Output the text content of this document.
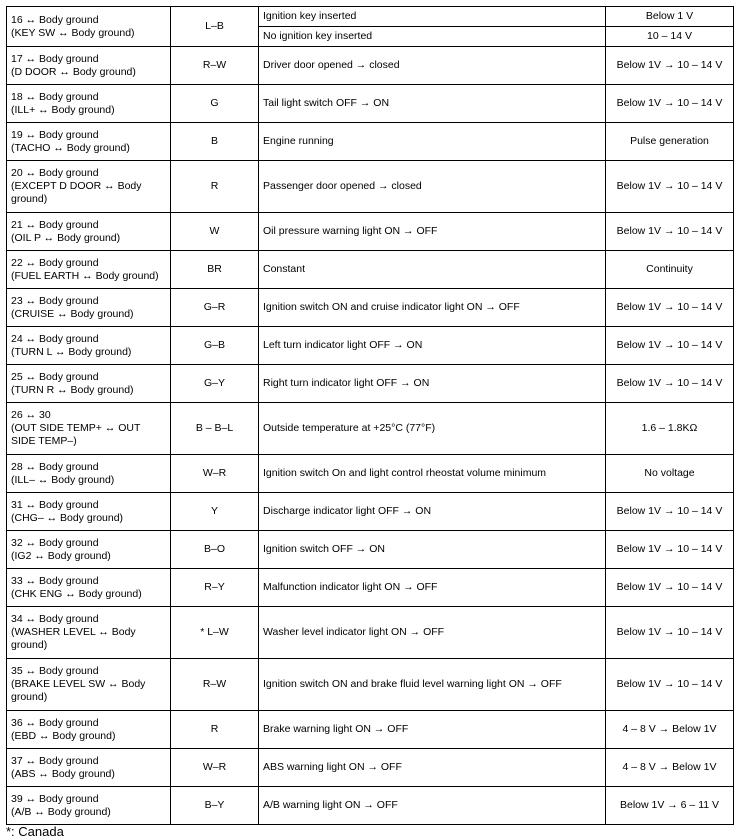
16 ↔ Body ground
(KEY SW ↔ Body ground)	L–B	Ignition key inserted	Below 1 V
		No ignition key inserted	10 – 14 V
17 ↔ Body ground
(D DOOR ↔ Body ground)	R–W	Driver door opened → closed	Below 1V → 10 – 14 V
18 ↔ Body ground
(ILL+ ↔ Body ground)	G	Tail light switch OFF → ON	Below 1V → 10 – 14 V
19 ↔ Body ground
(TACHO ↔ Body ground)	B	Engine running	Pulse generation
20 ↔ Body ground
(EXCEPT D DOOR ↔ Body
ground)	R	Passenger door opened → closed	Below 1V → 10 – 14 V
21 ↔ Body ground
(OIL P ↔ Body ground)	W	Oil pressure warning light ON → OFF	Below 1V → 10 – 14 V
22 ↔ Body ground
(FUEL EARTH ↔ Body ground)	BR	Constant	Continuity
23 ↔ Body ground
(CRUISE ↔ Body ground)	G–R	Ignition switch ON and cruise indicator light ON → OFF	Below 1V → 10 – 14 V
24 ↔ Body ground
(TURN L ↔ Body ground)	G–B	Left turn indicator light OFF → ON	Below 1V → 10 – 14 V
25 ↔ Body ground
(TURN R ↔ Body ground)	G–Y	Right turn indicator light OFF → ON	Below 1V → 10 – 14 V
26 ↔ 30
(OUT SIDE TEMP+ ↔ OUT
SIDE TEMP–)	B – B–L	Outside temperature at +25°C (77°F)	1.6 – 1.8KΩ
28 ↔ Body ground
(ILL– ↔ Body ground)	W–R	Ignition switch On and light control rheostat volume minimum	No voltage
31 ↔ Body ground
(CHG– ↔ Body ground)	Y	Discharge indicator light OFF → ON	Below 1V → 10 – 14 V
32 ↔ Body ground
(IG2 ↔ Body ground)	B–O	Ignition switch OFF → ON	Below 1V → 10 – 14 V
33 ↔ Body ground
(CHK ENG ↔ Body ground)	R–Y	Malfunction indicator light ON → OFF	Below 1V → 10 – 14 V
34 ↔ Body ground
(WASHER LEVEL ↔ Body
ground)	* L–W	Washer level indicator light ON → OFF	Below 1V → 10 – 14 V
35 ↔ Body ground
(BRAKE LEVEL SW ↔ Body
ground)	R–W	Ignition switch ON and brake fluid level warning light ON → OFF	Below 1V → 10 – 14 V
36 ↔ Body ground
(EBD ↔ Body ground)	R	Brake warning light ON → OFF	4 – 8 V → Below 1V
37 ↔ Body ground
(ABS ↔ Body ground)	W–R	ABS warning light ON → OFF	4 – 8 V → Below 1V
39 ↔ Body ground
(A/B ↔ Body ground)	B–Y	A/B warning light ON → OFF	Below 1V → 6 – 11 V
*: Canada
